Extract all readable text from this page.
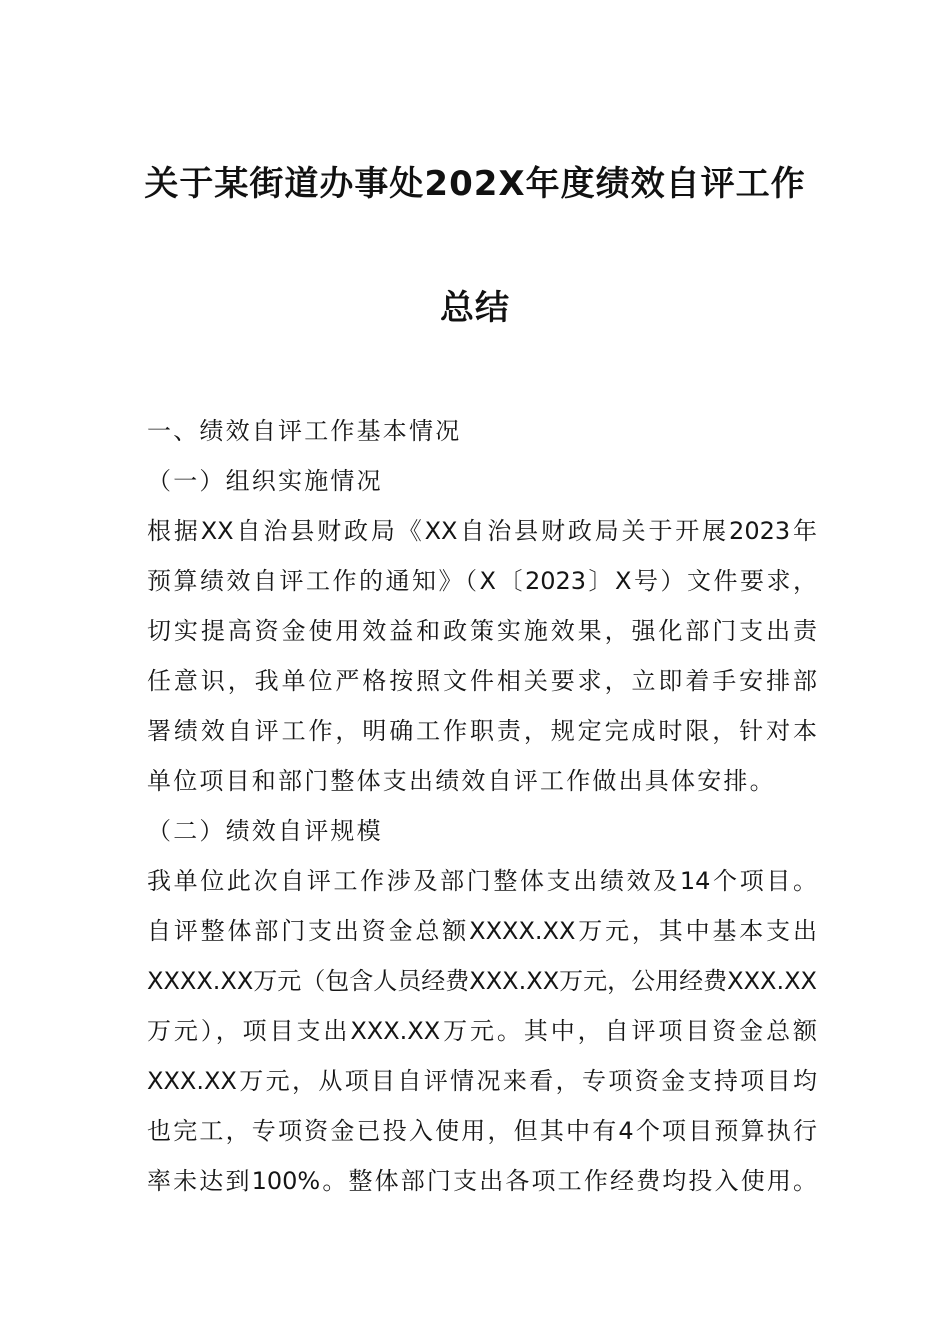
关于某街道办事处202X年度绩效自评工作
总结
一、绩效自评工作基本情况
（一）组织实施情况
根据XX自治县财政局《XX自治县财政局关于开展2023年
预算绩效自评工作的通知》（X〔2023〕X号）文件要求，
切实提高资金使用效益和政策实施效果，强化部门支出责
任意识，我单位严格按照文件相关要求，立即着手安排部
署绩效自评工作，明确工作职责，规定完成时限，针对本
单位项目和部门整体支出绩效自评工作做出具体安排。
（二）绩效自评规模
我单位此次自评工作涉及部门整体支出绩效及14个项目。
自评整体部门支出资金总额XXXX.XX万元，其中基本支出
XXXX.XX万元（包含人员经费XXX.XX万元，公用经费XXX.XX
万元），项目支出XXX.XX万元。其中，自评项目资金总额
XXX.XX万元，从项目自评情况来看，专项资金支持项目均
也完工，专项资金已投入使用，但其中有4个项目预算执行
率未达到100%。整体部门支出各项工作经费均投入使用。
